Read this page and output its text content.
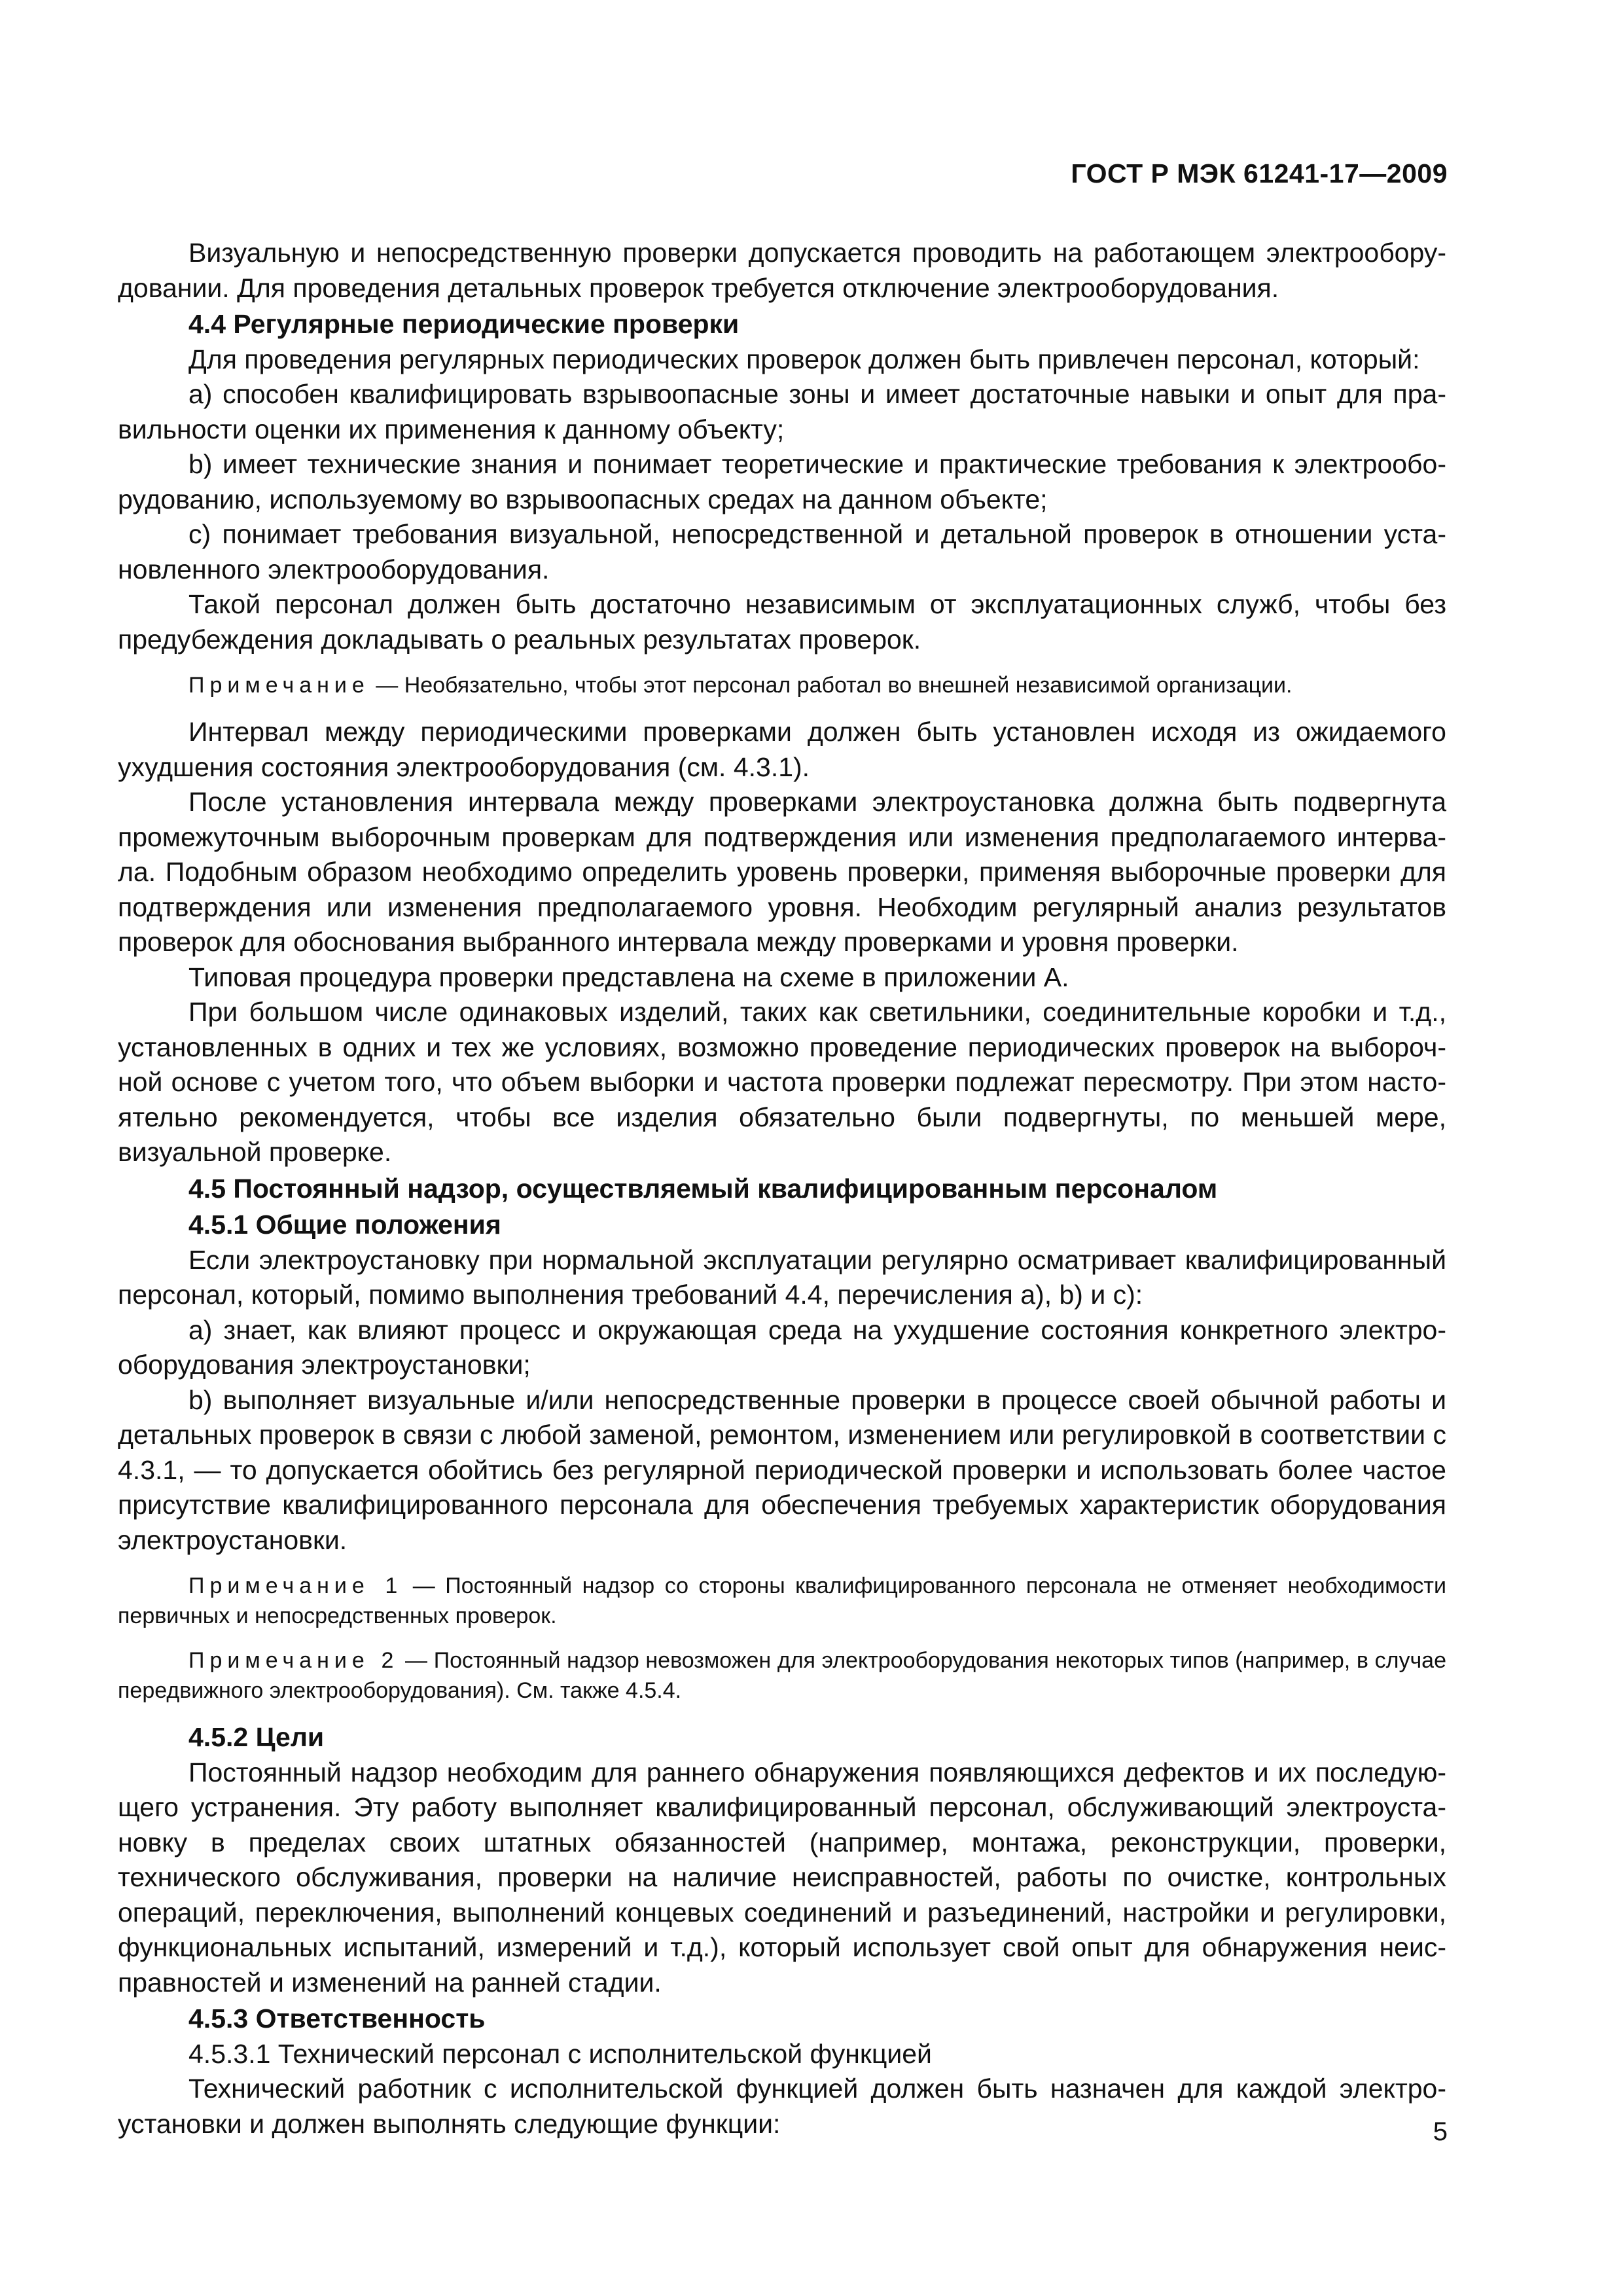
ГОСТ Р МЭК 61241-17—2009

Визуальную и непосредственную проверки допускается проводить на работающем электрооборудовании. Для проведения детальных проверок требуется отключение электрооборудования.

4.4 Регулярные периодические проверки

Для проведения регулярных периодических проверок должен быть привлечен персонал, который:

а) способен квалифицировать взрывоопасные зоны и имеет достаточные навыки и опыт для правильности оценки их применения к данному объекту;

b) имеет технические знания и понимает теоретические и практические требования к электрооборудованию, используемому во взрывоопасных средах на данном объекте;

с) понимает требования визуальной, непосредственной и детальной проверок в отношении установленного электрооборудования.

Такой персонал должен быть достаточно независимым от эксплуатационных служб, чтобы без предубеждения докладывать о реальных результатах проверок.

Примечание — Необязательно, чтобы этот персонал работал во внешней независимой организации.

Интервал между периодическими проверками должен быть установлен исходя из ожидаемого ухудшения состояния электрооборудования (см. 4.3.1).

После установления интервала между проверками электроустановка должна быть подвергнута промежуточным выборочным проверкам для подтверждения или изменения предполагаемого интервала. Подобным образом необходимо определить уровень проверки, применяя выборочные проверки для подтверждения или изменения предполагаемого уровня. Необходим регулярный анализ результатов проверок для обоснования выбранного интервала между проверками и уровня проверки.

Типовая процедура проверки представлена на схеме в приложении А.

При большом числе одинаковых изделий, таких как светильники, соединительные коробки и т.д., установленных в одних и тех же условиях, возможно проведение периодических проверок на выборочной основе с учетом того, что объем выборки и частота проверки подлежат пересмотру. При этом настоятельно рекомендуется, чтобы все изделия обязательно были подвергнуты, по меньшей мере, визуальной проверке.

4.5 Постоянный надзор, осуществляемый квалифицированным персоналом
4.5.1 Общие положения

Если электроустановку при нормальной эксплуатации регулярно осматривает квалифицированный персонал, который, помимо выполнения требований 4.4, перечисления а), b) и с):

а) знает, как влияют процесс и окружающая среда на ухудшение состояния конкретного электрооборудования электроустановки;

b) выполняет визуальные и/или непосредственные проверки в процессе своей обычной работы и детальных проверок в связи с любой заменой, ремонтом, изменением или регулировкой в соответствии с 4.3.1, — то допускается обойтись без регулярной периодической проверки и использовать более частое присутствие квалифицированного персонала для обеспечения требуемых характеристик оборудования электроустановки.

Примечание 1 — Постоянный надзор со стороны квалифицированного персонала не отменяет необходимости первичных и непосредственных проверок.

Примечание 2 — Постоянный надзор невозможен для электрооборудования некоторых типов (например, в случае передвижного электрооборудования). См. также 4.5.4.

4.5.2 Цели

Постоянный надзор необходим для раннего обнаружения появляющихся дефектов и их последующего устранения. Эту работу выполняет квалифицированный персонал, обслуживающий электроустановку в пределах своих штатных обязанностей (например, монтажа, реконструкции, проверки, технического обслуживания, проверки на наличие неисправностей, работы по очистке, контрольных операций, переключения, выполнений концевых соединений и разъединений, настройки и регулировки, функциональных испытаний, измерений и т.д.), который использует свой опыт для обнаружения неисправностей и изменений на ранней стадии.

4.5.3 Ответственность

4.5.3.1 Технический персонал с исполнительской функцией

Технический работник с исполнительской функцией должен быть назначен для каждой электроустановки и должен выполнять следующие функции:	5
